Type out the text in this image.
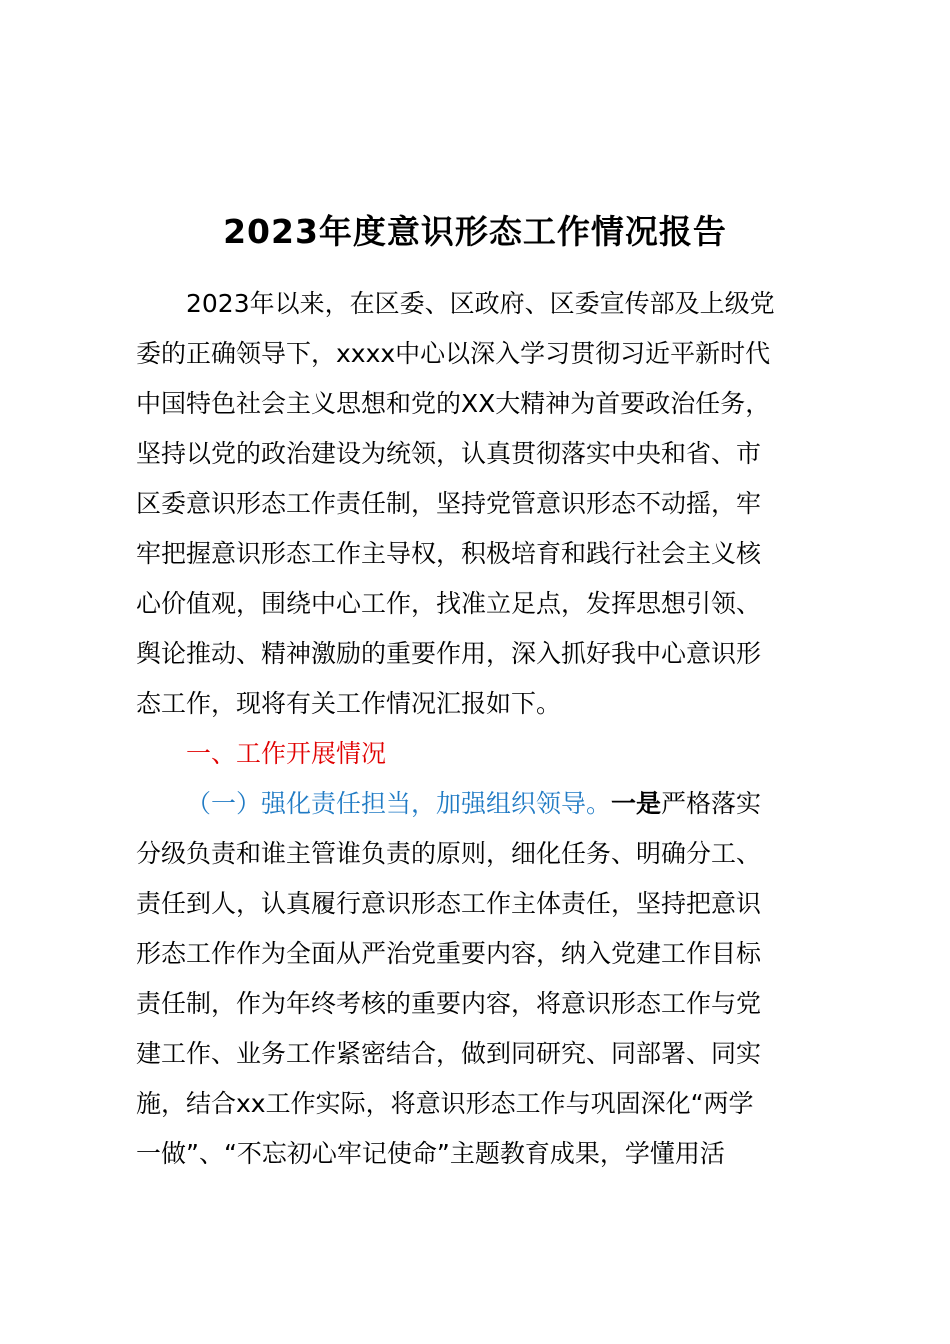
2023年度意识形态工作情况报告
2023年以来，在区委、区政府、区委宣传部及上级党
委的正确领导下，xxxx中心以深入学习贯彻习近平新时代
中国特色社会主义思想和党的XX大精神为首要政治任务，
坚持以党的政治建设为统领，认真贯彻落实中央和省、市
区委意识形态工作责任制，坚持党管意识形态不动摇，牢
牢把握意识形态工作主导权，积极培育和践行社会主义核
心价值观，围绕中心工作，找准立足点，发挥思想引领、
舆论推动、精神激励的重要作用，深入抓好我中心意识形
态工作，现将有关工作情况汇报如下。
一、工作开展情况
（一）强化责任担当，加强组织领导。一是严格落实
分级负责和谁主管谁负责的原则，细化任务、明确分工、
责任到人，认真履行意识形态工作主体责任，坚持把意识
形态工作作为全面从严治党重要内容，纳入党建工作目标
责任制，作为年终考核的重要内容，将意识形态工作与党
建工作、业务工作紧密结合，做到同研究、同部署、同实
施，结合xx工作实际，将意识形态工作与巩固深化“两学
一做”、“不忘初心牢记使命”主题教育成果，学懂用活
